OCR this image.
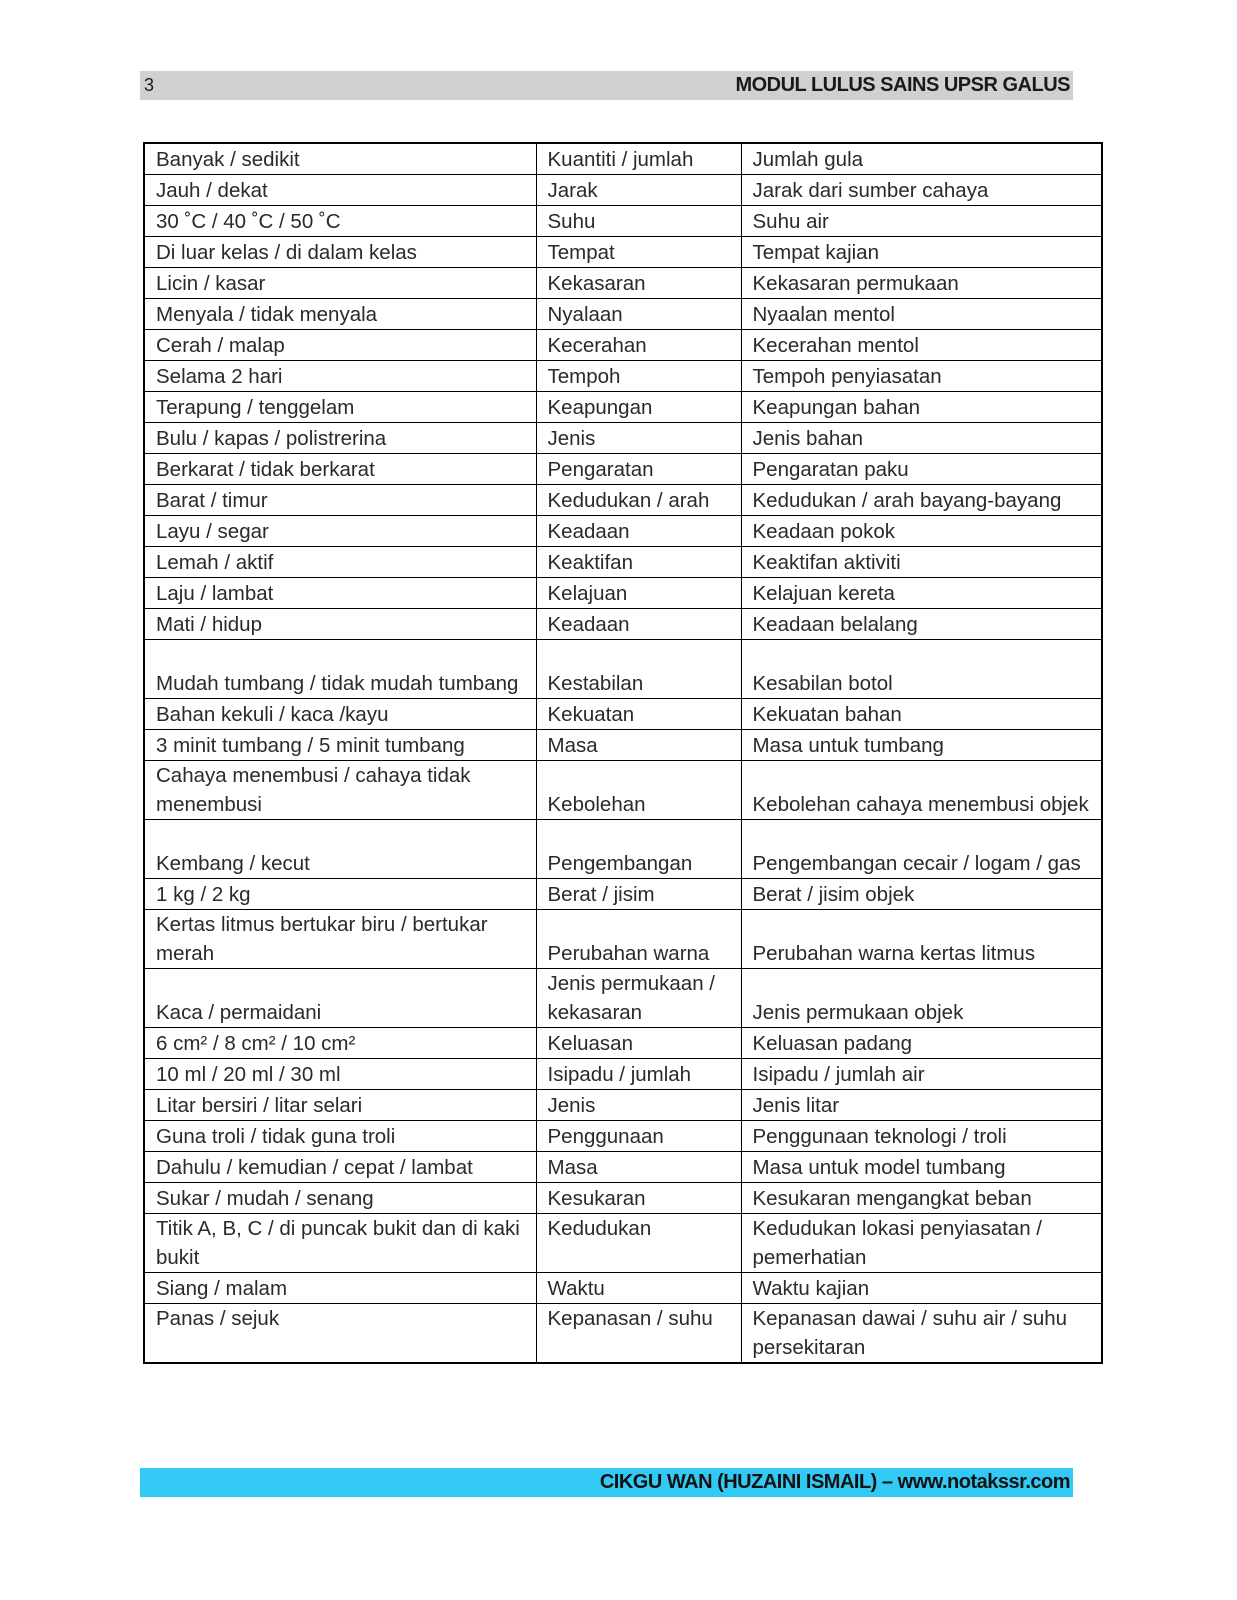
3	MODUL LULUS SAINS UPSR GALUS
Banyak / sedikit	Kuantiti / jumlah	Jumlah gula
Jauh / dekat	Jarak	Jarak dari sumber cahaya
30 ˚C / 40 ˚C / 50 ˚C	Suhu	Suhu air
Di luar kelas / di dalam kelas	Tempat	Tempat kajian
Licin / kasar	Kekasaran	Kekasaran permukaan
Menyala / tidak menyala	Nyalaan	Nyaalan mentol
Cerah / malap	Kecerahan	Kecerahan mentol
Selama 2 hari	Tempoh	Tempoh penyiasatan
Terapung / tenggelam	Keapungan	Keapungan bahan
Bulu / kapas / polistrerina	Jenis	Jenis bahan
Berkarat / tidak berkarat	Pengaratan	Pengaratan paku
Barat / timur	Kedudukan / arah	Kedudukan / arah bayang-bayang
Layu / segar	Keadaan	Keadaan pokok
Lemah / aktif	Keaktifan	Keaktifan aktiviti
Laju / lambat	Kelajuan	Kelajuan kereta
Mati / hidup	Keadaan	Keadaan belalang
Mudah tumbang / tidak mudah tumbang	Kestabilan	Kesabilan botol
Bahan kekuli / kaca /kayu	Kekuatan	Kekuatan bahan
3 minit tumbang / 5 minit tumbang	Masa	Masa untuk tumbang
Cahaya menembusi / cahaya tidak menembusi	Kebolehan	Kebolehan cahaya menembusi objek
Kembang / kecut	Pengembangan	Pengembangan cecair / logam / gas
1 kg / 2 kg	Berat / jisim	Berat / jisim objek
Kertas litmus bertukar biru / bertukar merah	Perubahan warna	Perubahan warna kertas litmus
Kaca / permaidani	Jenis permukaan / kekasaran	Jenis permukaan objek
6 cm² / 8 cm² / 10 cm²	Keluasan	Keluasan padang
10 ml / 20 ml / 30 ml	Isipadu / jumlah	Isipadu / jumlah air
Litar bersiri / litar selari	Jenis	Jenis litar
Guna troli / tidak guna troli	Penggunaan	Penggunaan teknologi / troli
Dahulu / kemudian / cepat / lambat	Masa	Masa untuk model tumbang
Sukar / mudah / senang	Kesukaran	Kesukaran mengangkat beban
Titik A, B, C / di puncak bukit dan di kaki bukit	Kedudukan	Kedudukan lokasi penyiasatan / pemerhatian
Siang / malam	Waktu	Waktu kajian
Panas / sejuk	Kepanasan / suhu	Kepanasan dawai / suhu air / suhu persekitaran
CIKGU WAN (HUZAINI ISMAIL) – www.notakssr.com
